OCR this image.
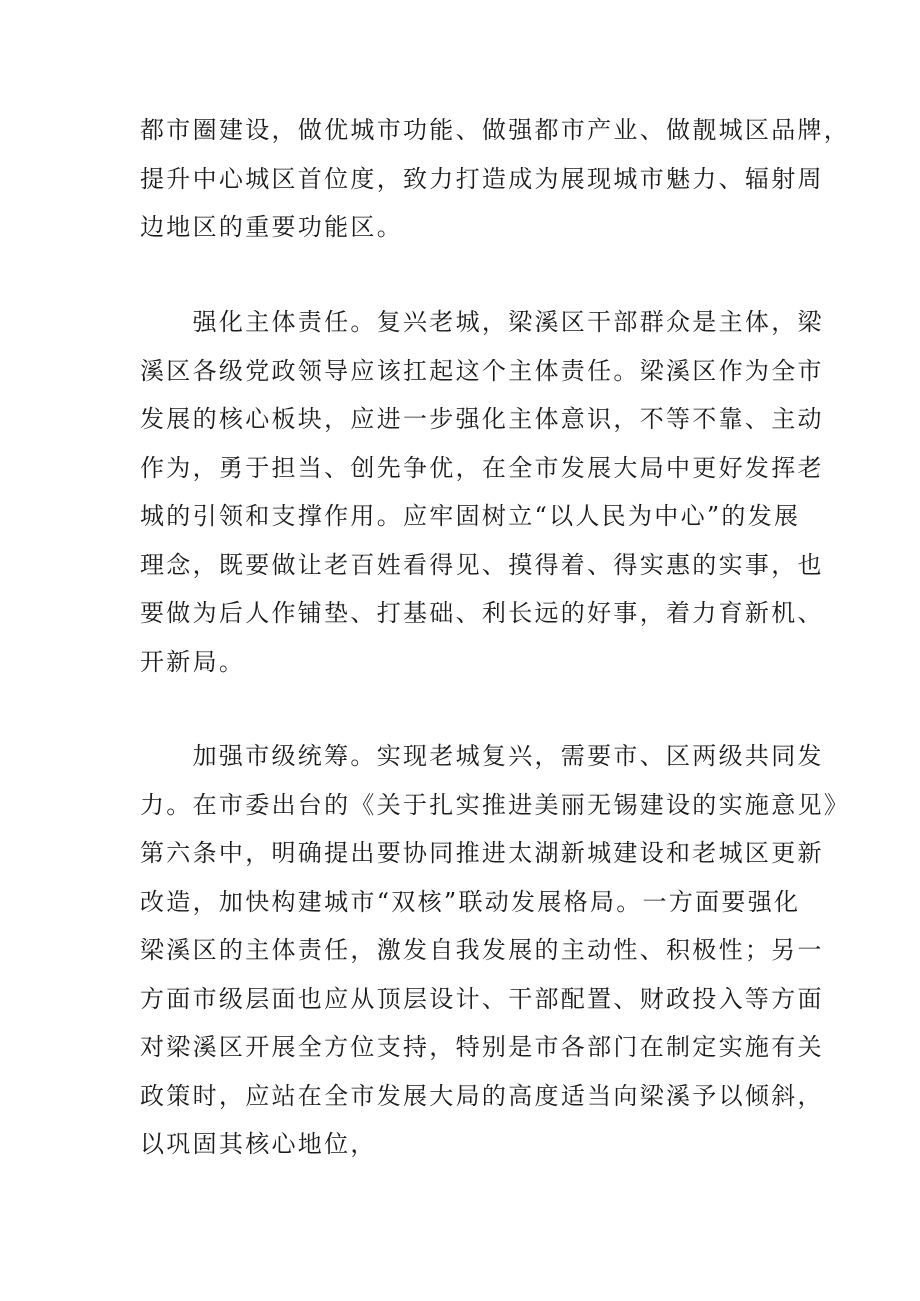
都市圈建设，做优城市功能、做强都市产业、做靓城区品牌，
提升中心城区首位度，致力打造成为展现城市魅力、辐射周
边地区的重要功能区。

　　强化主体责任。复兴老城，梁溪区干部群众是主体，梁
溪区各级党政领导应该扛起这个主体责任。梁溪区作为全市
发展的核心板块，应进一步强化主体意识，不等不靠、主动
作为，勇于担当、创先争优，在全市发展大局中更好发挥老
城的引领和支撑作用。应牢固树立“以人民为中心”的发展
理念，既要做让老百姓看得见、摸得着、得实惠的实事，也
要做为后人作铺垫、打基础、利长远的好事，着力育新机、
开新局。

　　加强市级统筹。实现老城复兴，需要市、区两级共同发
力。在市委出台的《关于扎实推进美丽无锡建设的实施意见》
第六条中，明确提出要协同推进太湖新城建设和老城区更新
改造，加快构建城市“双核”联动发展格局。一方面要强化
梁溪区的主体责任，激发自我发展的主动性、积极性；另一
方面市级层面也应从顶层设计、干部配置、财政投入等方面
对梁溪区开展全方位支持，特别是市各部门在制定实施有关
政策时，应站在全市发展大局的高度适当向梁溪予以倾斜，
以巩固其核心地位，
